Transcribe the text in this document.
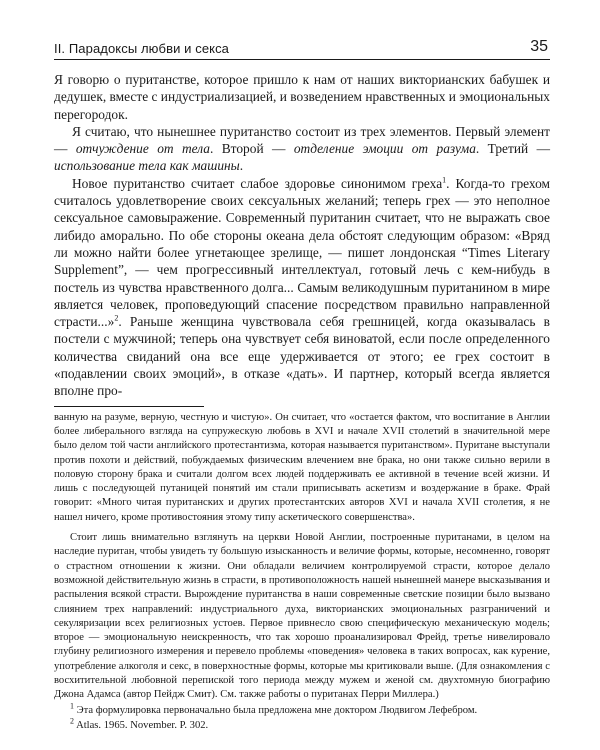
II. Парадоксы любви и секса	35

Я говорю о пуританстве, которое пришло к нам от наших викторианских бабушек и дедушек, вместе с индустриализацией, и возведением нравственных и эмоциональных перегородок.

Я считаю, что нынешнее пуританство состоит из трех элементов. Первый элемент — отчуждение от тела. Второй — отделение эмоции от разума. Третий — использование тела как машины.

Новое пуританство считает слабое здоровье синонимом греха$^1$. Когда-то грехом считалось удовлетворение своих сексуальных желаний; теперь грех — это неполное сексуальное самовыражение. Современный пуританин считает, что не выражать свое либидо аморально. По обе стороны океана дела обстоят следующим образом: «Вряд ли можно найти более угнетающее зрелище, — пишет лондонская “Times Literary Supplement”, — чем прогрессивный интеллектуал, готовый лечь с кем-нибудь в постель из чувства нравственного долга... Самым великодушным пуританином в мире является человек, проповедующий спасение посредством правильно направленной страсти...»$^2$. Раньше женщина чувствовала себя грешницей, когда оказывалась в постели с мужчиной; теперь она чувствует себя виноватой, если после определенного количества свиданий она все еще удерживается от этого; ее грех состоит в «подавлении своих эмоций», в отказе «дать». И партнер, который всегда является вполне про-

ванную на разуме, верную, честную и чистую». Он считает, что «остается фактом, что воспитание в Англии более либерального взгляда на супружескую любовь в XVI и начале XVII столетий в значительной мере было делом той части английского протестантизма, которая называется пуританством». Пуритане выступали против похоти и действий, побуждаемых физическим влечением вне брака, но они также сильно верили в половую сторону брака и считали долгом всех людей поддерживать ее активной в течение всей жизни. И лишь с последующей путаницей понятий им стали приписывать аскетизм и воздержание в браке. Фрай говорит: «Много читая пуританских и других протестантских авторов XVI и начала XVII столетия, я не нашел ничего, кроме противостояния этому типу аскетического совершенства».

Стоит лишь внимательно взглянуть на церкви Новой Англии, построенные пуританами, в целом на наследие пуритан, чтобы увидеть ту большую изысканность и величие формы, которые, несомненно, говорят о страстном отношении к жизни. Они обладали величием контролируемой страсти, которое делало возможной действительную жизнь в страсти, в противоположность нашей нынешней манере высказывания и распыления всякой страсти. Вырождение пуританства в наши современные светские позиции было вызвано слиянием трех направлений: индустриального духа, викторианских эмоциональных разграничений и секуляризации всех религиозных устоев. Первое привнесло свою специфическую механическую модель; второе — эмоциональную неискренность, что так хорошо проанализировал Фрейд, третье нивелировало глубину религиозного измерения и перевело проблемы «поведения» человека в таких вопросах, как курение, употребление алкоголя и секс, в поверхностные формы, которые мы критиковали выше. (Для ознакомления с восхитительной любовной перепиской того периода между мужем и женой см. двухтомную биографию Джона Адамса (автор Пейдж Смит). См. также работы о пуританах Перри Миллера.)

$^1$ Эта формулировка первоначально была предложена мне доктором Людвигом Лефебром.

$^2$ Atlas. 1965. November. P. 302.
